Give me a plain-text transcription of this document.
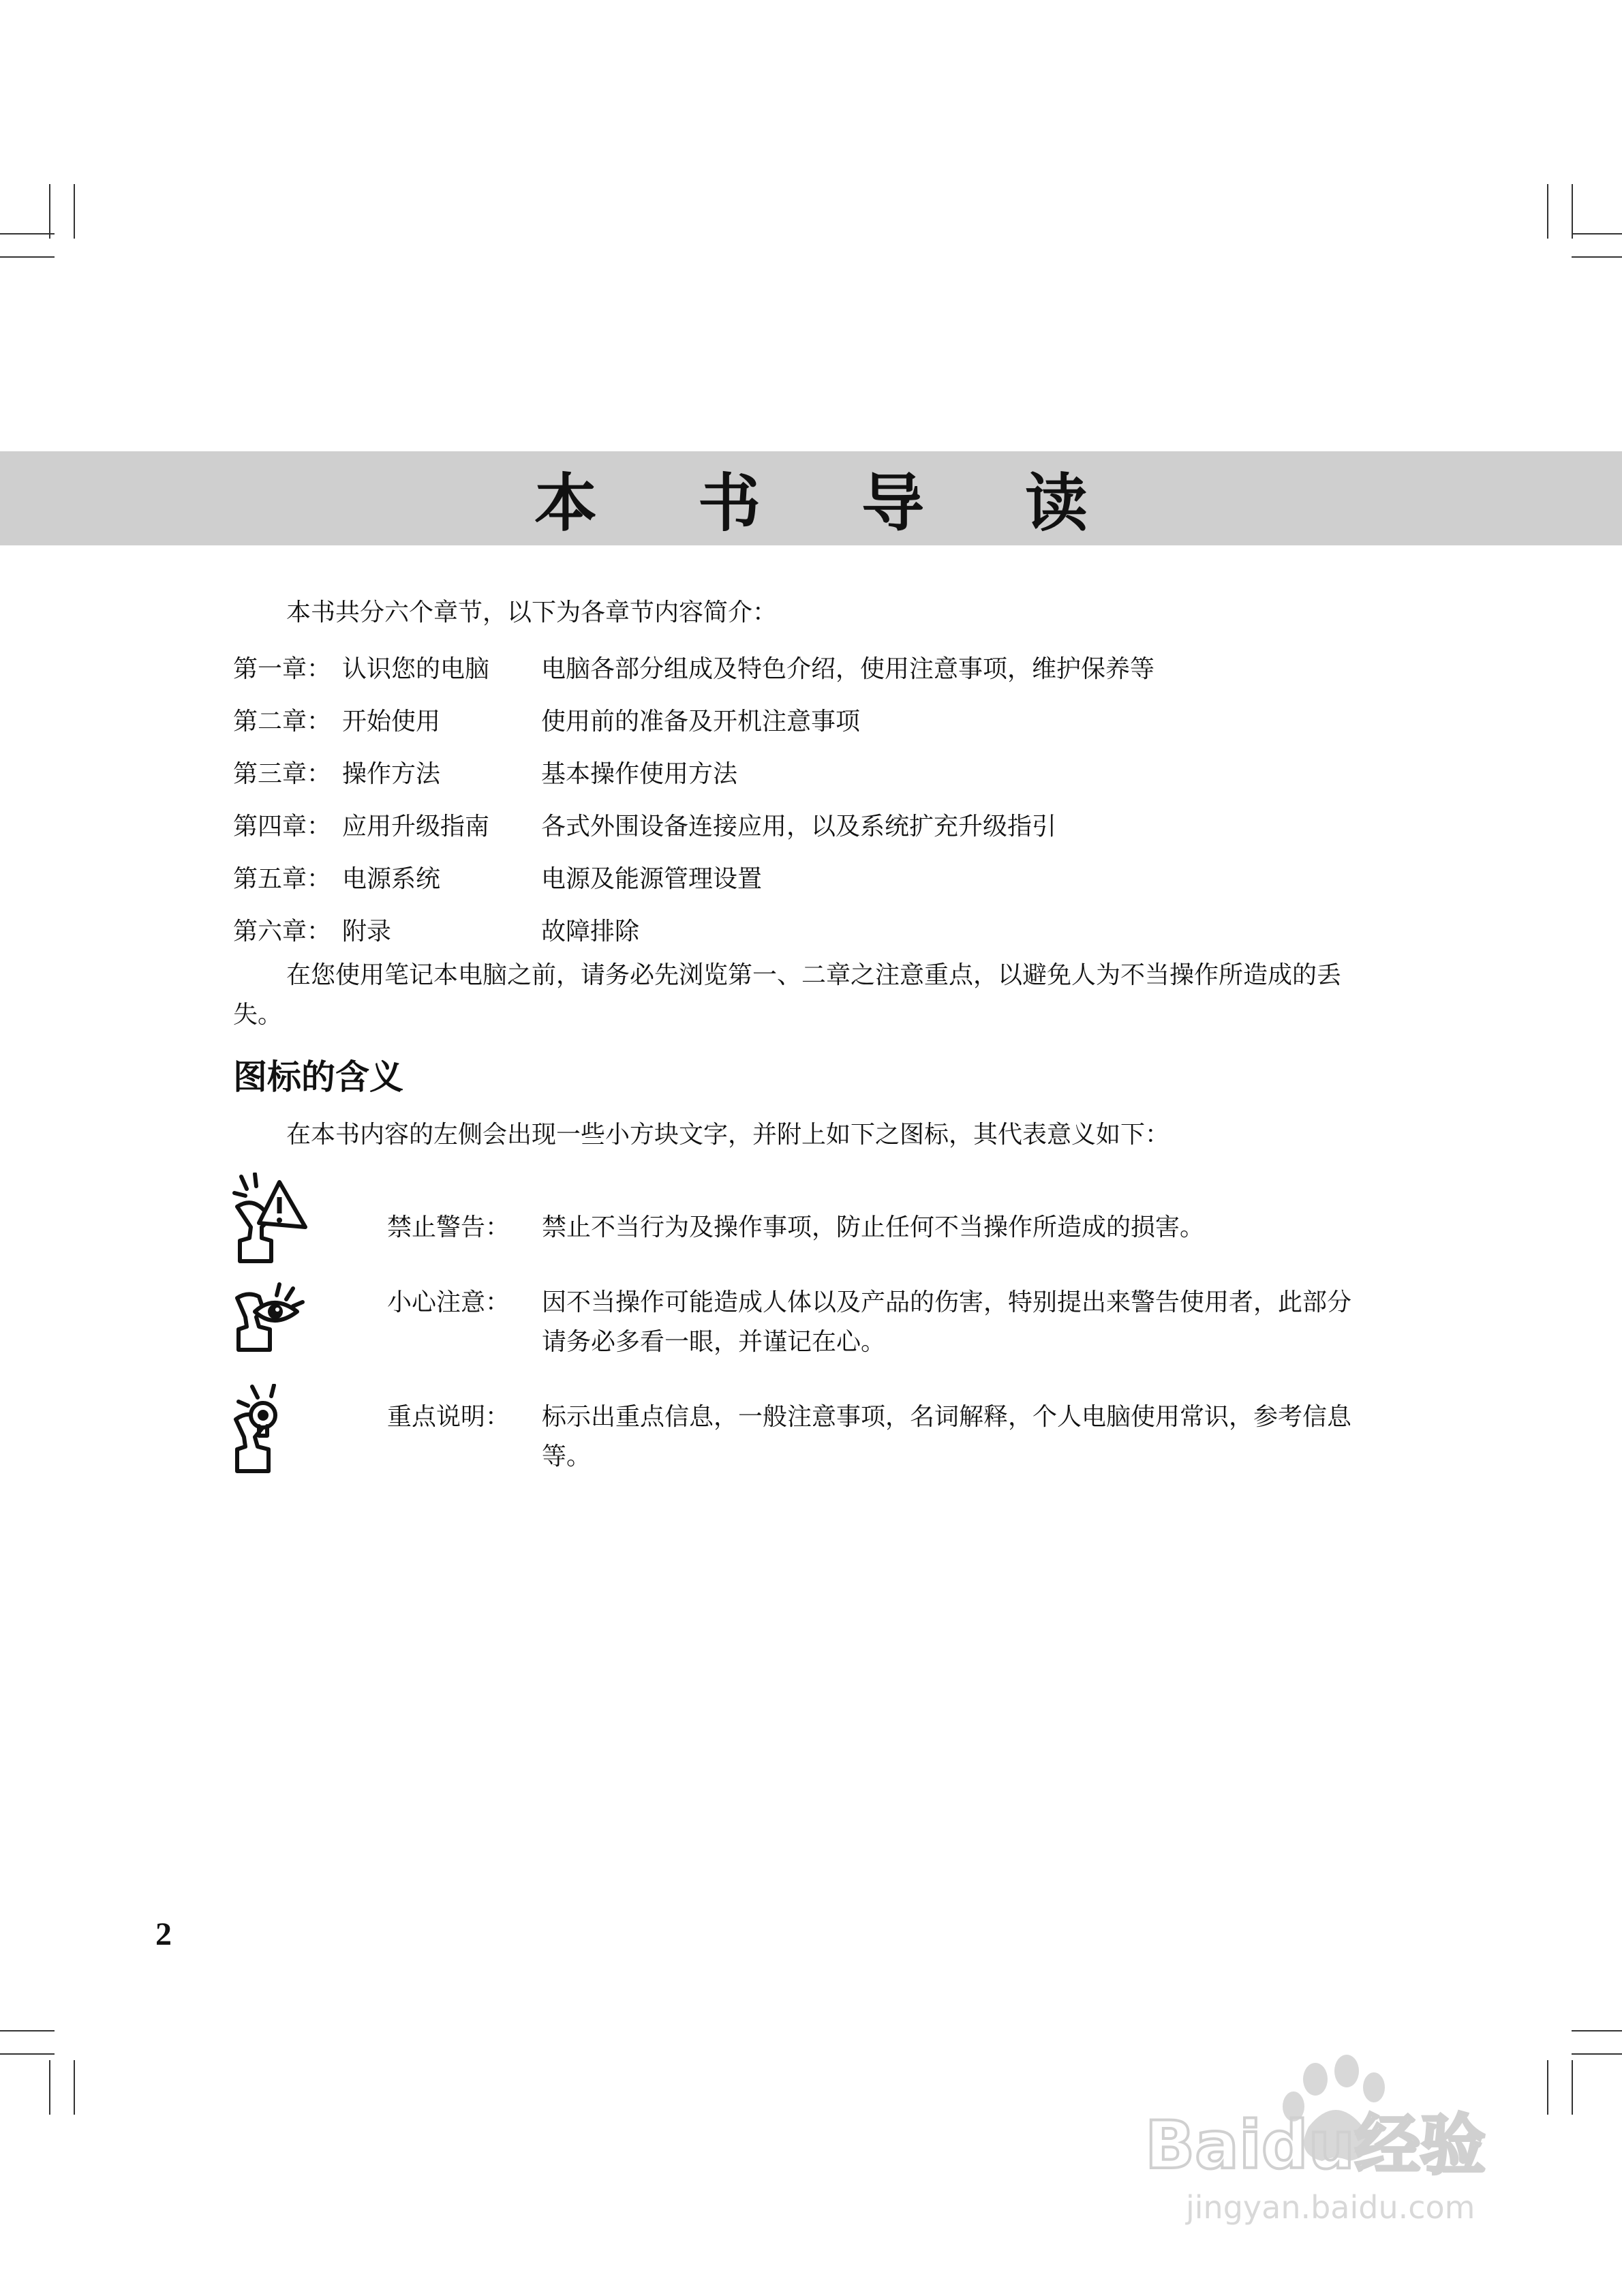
本 书 导 读

本书共分六个章节，以下为各章节内容简介：

第一章： 认识您的电脑	电脑各部分组成及特色介绍，使用注意事项，维护保养等
第二章： 开始使用	使用前的准备及开机注意事项
第三章： 操作方法	基本操作使用方法
第四章： 应用升级指南	各式外围设备连接应用，以及系统扩充升级指引
第五章： 电源系统	电源及能源管理设置
第六章： 附录	故障排除

在您使用笔记本电脑之前，请务必先浏览第一、二章之注意重点，以避免人为不当操作所造成的丢失。

图标的含义

在本书内容的左侧会出现一些小方块文字，并附上如下之图标，其代表意义如下：

禁止警告： 禁止不当行为及操作事项，防止任何不当操作所造成的损害。
小心注意： 因不当操作可能造成人体以及产品的伤害，特别提出来警告使用者，此部分请务必多看一眼，并谨记在心。
重点说明： 标示出重点信息，一般注意事项，名词解释，个人电脑使用常识，参考信息等。
2
Baidu经验
jingyan.baidu.com
